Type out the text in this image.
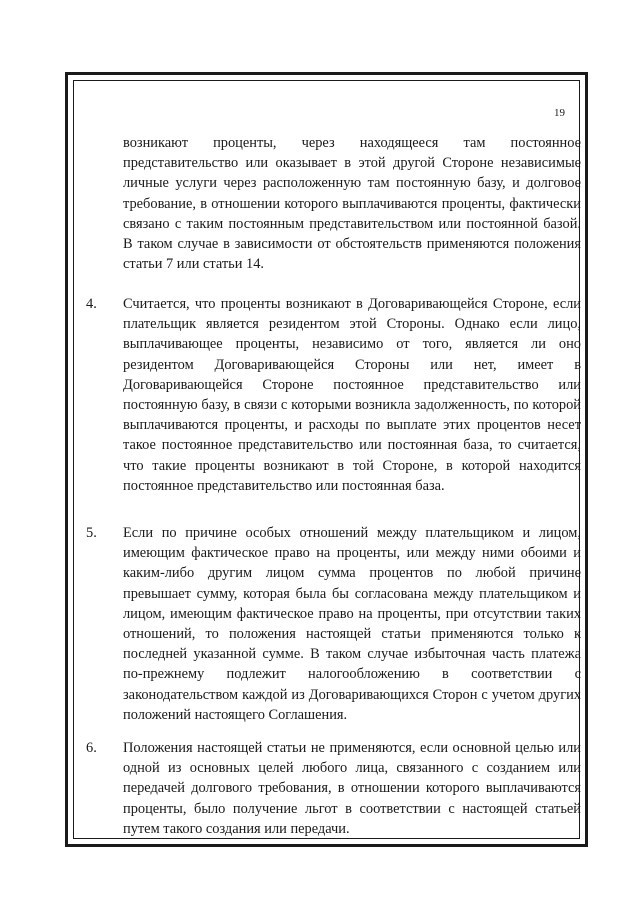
19
возникают проценты, через находящееся там постоянное представительство или оказывает в этой другой Стороне независимые личные услуги через расположенную там постоянную базу, и долговое требование, в отношении которого выплачиваются проценты, фактически связано с таким постоянным представительством или постоянной базой. В таком случае в зависимости от обстоятельств применяются положения статьи 7 или статьи 14.
4. Считается, что проценты возникают в Договаривающейся Стороне, если плательщик является резидентом этой Стороны. Однако если лицо, выплачивающее проценты, независимо от того, является ли оно резидентом Договаривающейся Стороны или нет, имеет в Договаривающейся Стороне постоянное представительство или постоянную базу, в связи с которыми возникла задолженность, по которой выплачиваются проценты, и расходы по выплате этих процентов несет такое постоянное представительство или постоянная база, то считается, что такие проценты возникают в той Стороне, в которой находится постоянное представительство или постоянная база.
5. Если по причине особых отношений между плательщиком и лицом, имеющим фактическое право на проценты, или между ними обоими и каким-либо другим лицом сумма процентов по любой причине превышает сумму, которая была бы согласована между плательщиком и лицом, имеющим фактическое право на проценты, при отсутствии таких отношений, то положения настоящей статьи применяются только к последней указанной сумме. В таком случае избыточная часть платежа по-прежнему подлежит налогообложению в соответствии с законодательством каждой из Договаривающихся Сторон с учетом других положений настоящего Соглашения.
6. Положения настоящей статьи не применяются, если основной целью или одной из основных целей любого лица, связанного с созданием или передачей долгового требования, в отношении которого выплачиваются проценты, было получение льгот в соответствии с настоящей статьей путем такого создания или передачи.
